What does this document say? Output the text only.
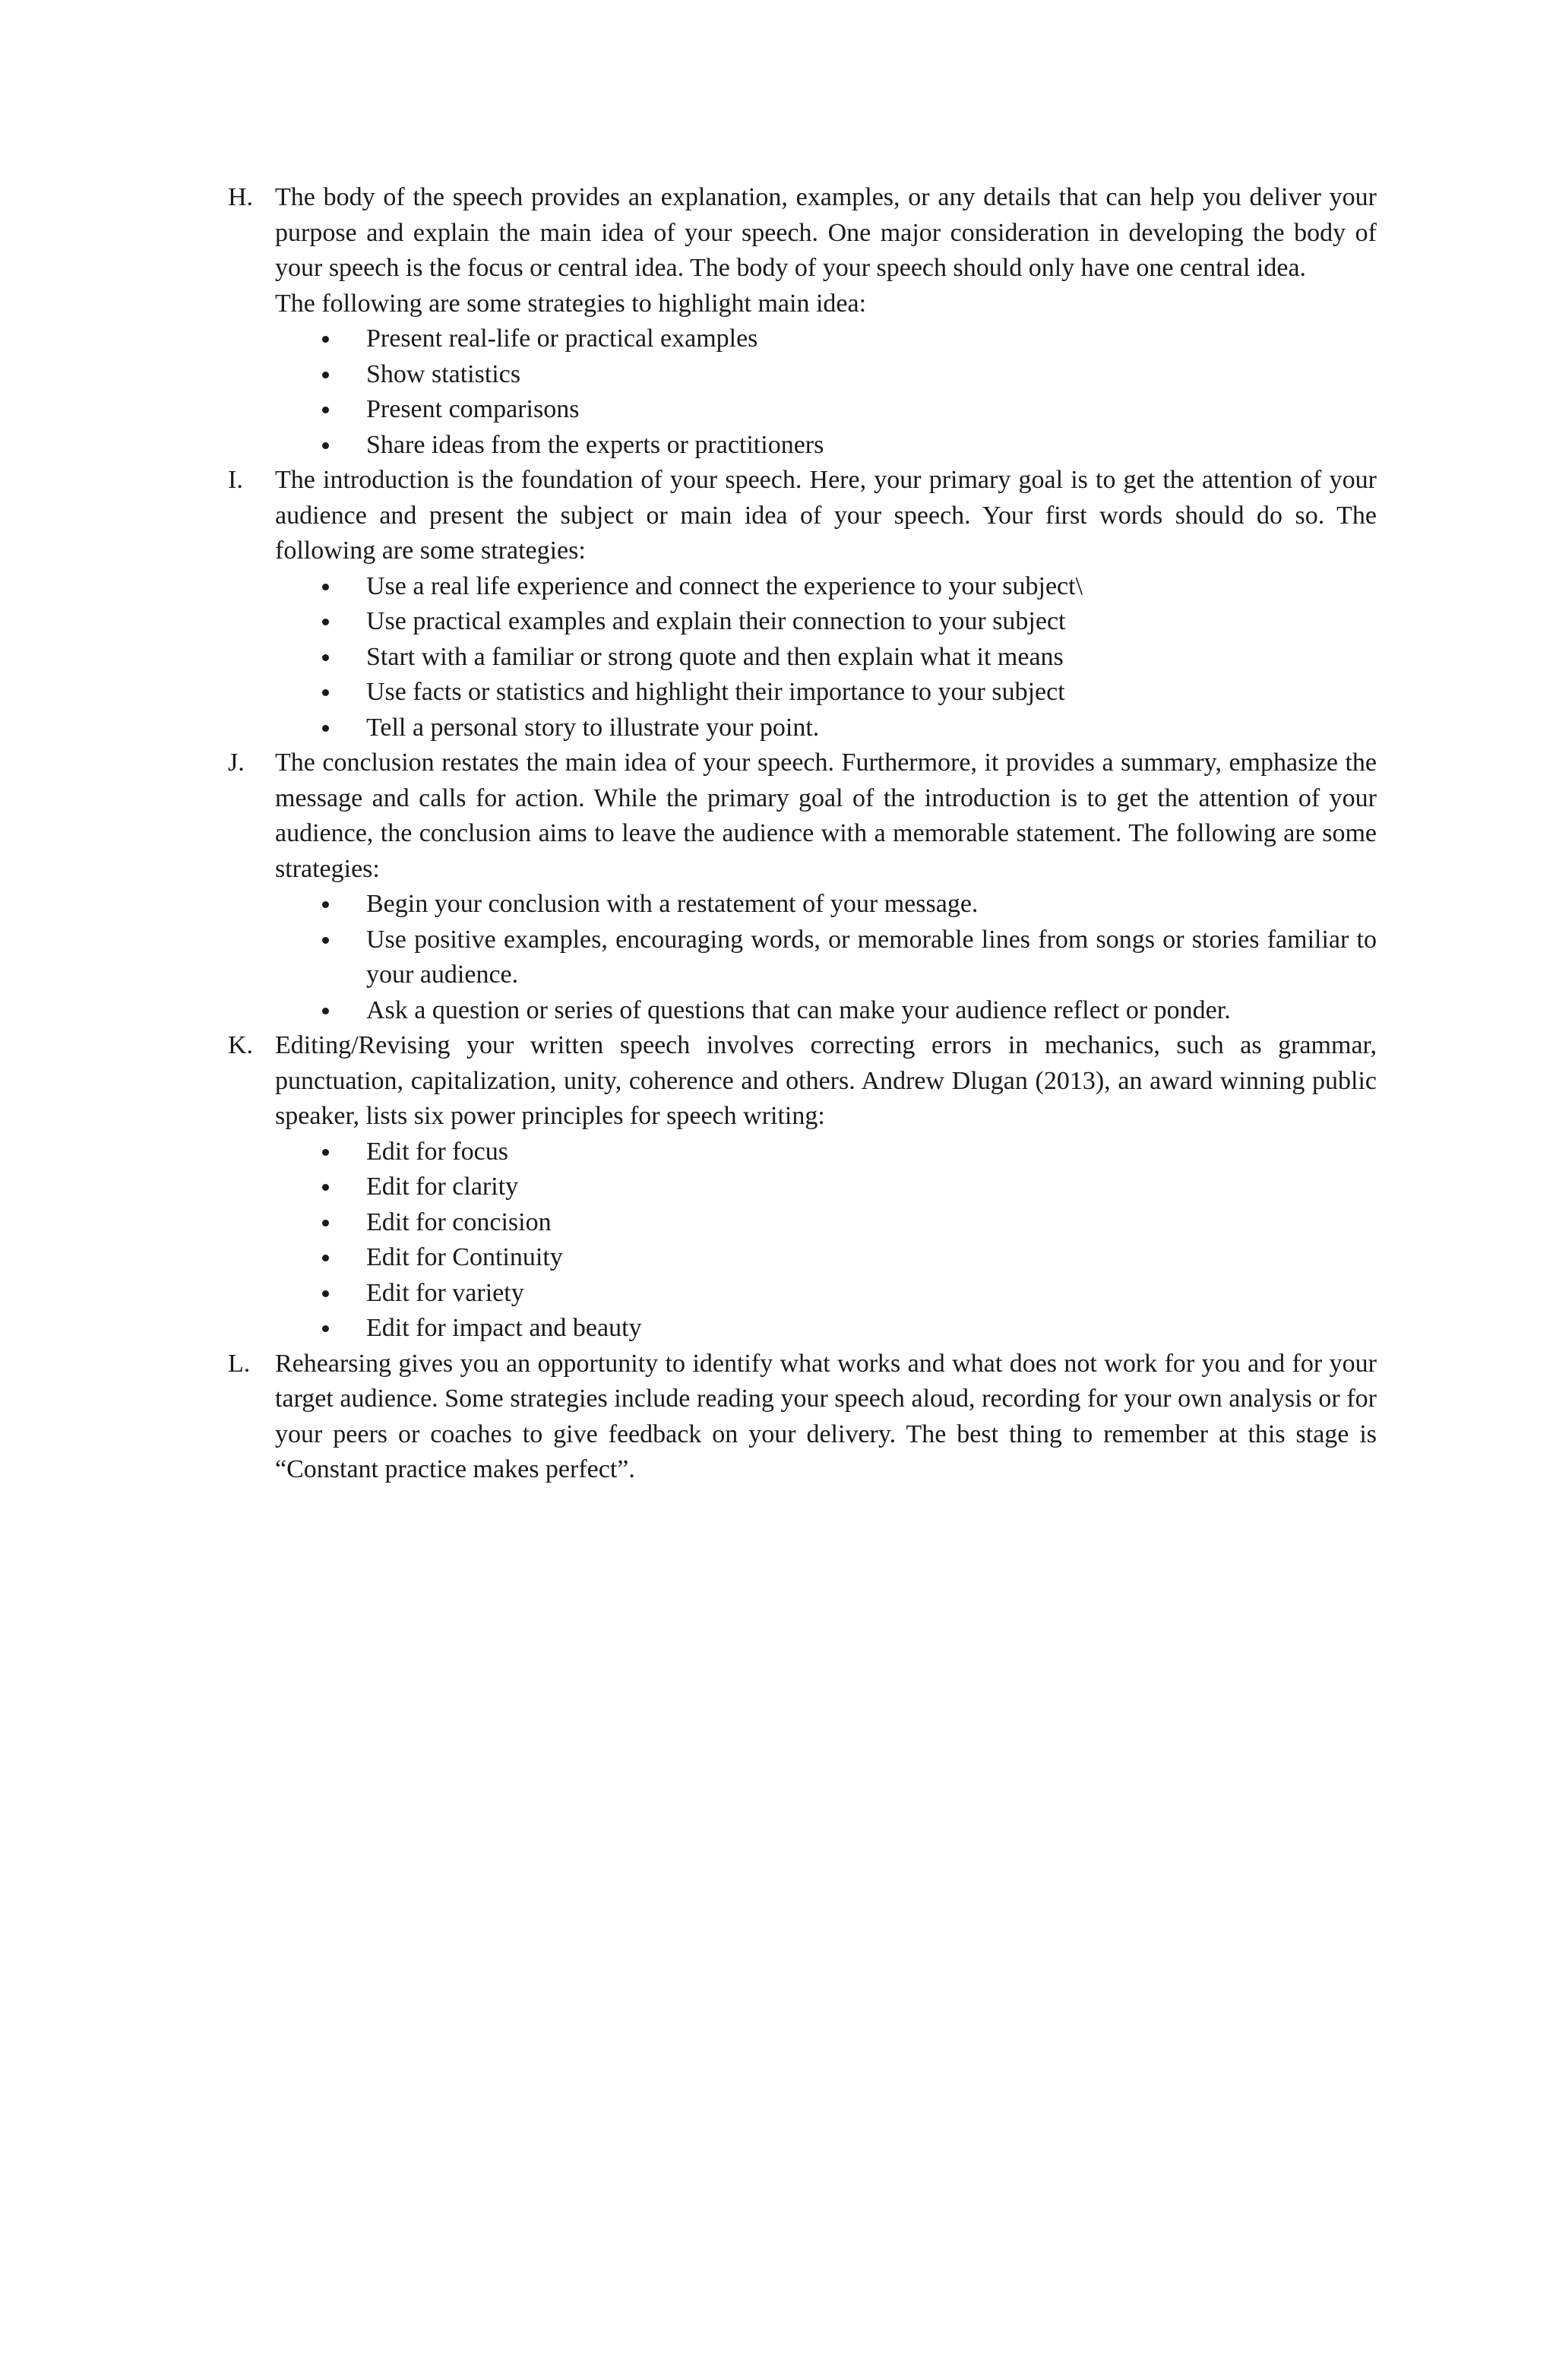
H. The body of the speech provides an explanation, examples, or any details that can help you deliver your purpose and explain the main idea of your speech. One major consideration in developing the body of your speech is the focus or central idea. The body of your speech should only have one central idea.

The following are some strategies to highlight main idea:

Present real-life or practical examples
Show statistics
Present comparisons
Share ideas from the experts or practitioners
I. The introduction is the foundation of your speech. Here, your primary goal is to get the attention of your audience and present the subject or main idea of your speech. Your first words should do so. The following are some strategies:

Use a real life experience and connect the experience to your subject\
Use practical examples and explain their connection to your subject
Start with a familiar or strong quote and then explain what it means
Use facts or statistics and highlight their importance to your subject
Tell a personal story to illustrate your point.
J. The conclusion restates the main idea of your speech. Furthermore, it provides a summary, emphasize the message and calls for action. While the primary goal of the introduction is to get the attention of your audience, the conclusion aims to leave the audience with a memorable statement. The following are some strategies:

Begin your conclusion with a restatement of your message.
Use positive examples, encouraging words, or memorable lines from songs or stories familiar to your audience.
Ask a question or series of questions that can make your audience reflect or ponder.
K. Editing/Revising your written speech involves correcting errors in mechanics, such as grammar, punctuation, capitalization, unity, coherence and others. Andrew Dlugan (2013), an award winning public speaker, lists six power principles for speech writing:

Edit for focus
Edit for clarity
Edit for concision
Edit for Continuity
Edit for variety
Edit for impact and beauty
L. Rehearsing gives you an opportunity to identify what works and what does not work for you and for your target audience. Some strategies include reading your speech aloud, recording for your own analysis or for your peers or coaches to give feedback on your delivery. The best thing to remember at this stage is “Constant practice makes perfect”.
